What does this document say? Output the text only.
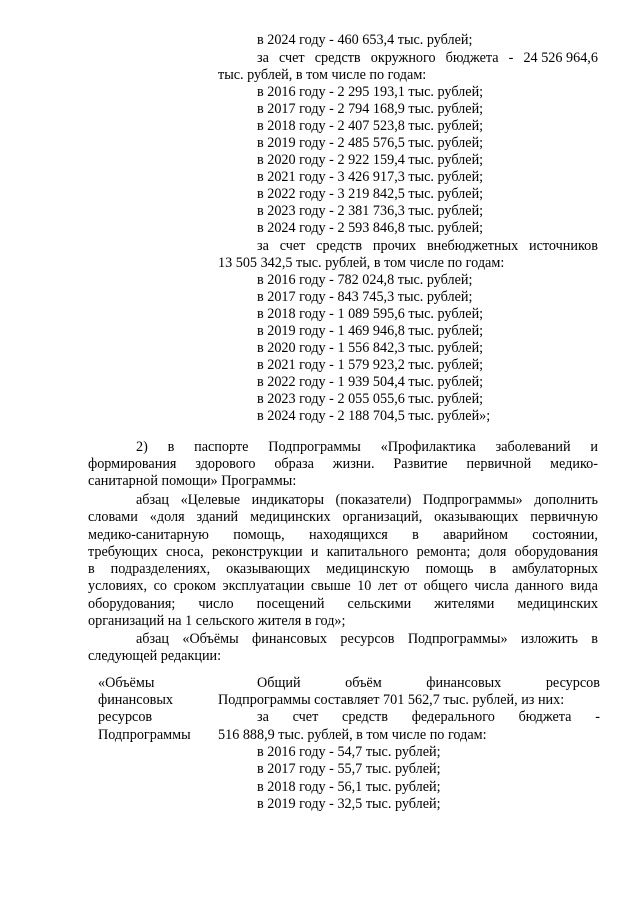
в 2024 году - 460 653,4 тыс. рублей;
за счет средств окружного бюджета - 24 526 964,6
тыс. рублей, в том числе по годам:
в 2016 году - 2 295 193,1 тыс. рублей;
в 2017 году - 2 794 168,9 тыс. рублей;
в 2018 году - 2 407 523,8 тыс. рублей;
в 2019 году - 2 485 576,5 тыс. рублей;
в 2020 году - 2 922 159,4 тыс. рублей;
в 2021 году - 3 426 917,3 тыс. рублей;
в 2022 году - 3 219 842,5 тыс. рублей;
в 2023 году - 2 381 736,3 тыс. рублей;
в 2024 году - 2 593 846,8 тыс. рублей;
за счет средств прочих внебюджетных источников
13 505 342,5 тыс. рублей, в том числе по годам:
в 2016 году - 782 024,8 тыс. рублей;
в 2017 году - 843 745,3 тыс. рублей;
в 2018 году - 1 089 595,6 тыс. рублей;
в 2019 году - 1 469 946,8 тыс. рублей;
в 2020 году - 1 556 842,3 тыс. рублей;
в 2021 году - 1 579 923,2 тыс. рублей;
в 2022 году - 1 939 504,4 тыс. рублей;
в 2023 году - 2 055 055,6 тыс. рублей;
в 2024 году - 2 188 704,5 тыс. рублей»;
2) в паспорте Подпрограммы «Профилактика заболеваний и
формирования здорового образа жизни. Развитие первичной медико-
санитарной помощи» Программы:
абзац «Целевые индикаторы (показатели) Подпрограммы» дополнить
словами «доля зданий медицинских организаций, оказывающих первичную
медико-санитарную помощь, находящихся в аварийном состоянии,
требующих сноса, реконструкции и капитального ремонта; доля оборудования
в подразделениях, оказывающих медицинскую помощь в амбулаторных
условиях, со сроком эксплуатации свыше 10 лет от общего числа данного вида
оборудования; число посещений сельскими жителями медицинских
организаций на 1 сельского жителя в год»;
абзац «Объёмы финансовых ресурсов Подпрограммы» изложить в
следующей редакции:
«Объёмы
финансовых
ресурсов
Подпрограммы
Общий	объём	финансовых	ресурсов
Подпрограммы составляет 701 562,7 тыс. рублей, из них:
за счет средств федерального бюджета -
516 888,9 тыс. рублей, в том числе по годам:
в 2016 году - 54,7 тыс. рублей;
в 2017 году - 55,7 тыс. рублей;
в 2018 году - 56,1 тыс. рублей;
в 2019 году - 32,5 тыс. рублей;
